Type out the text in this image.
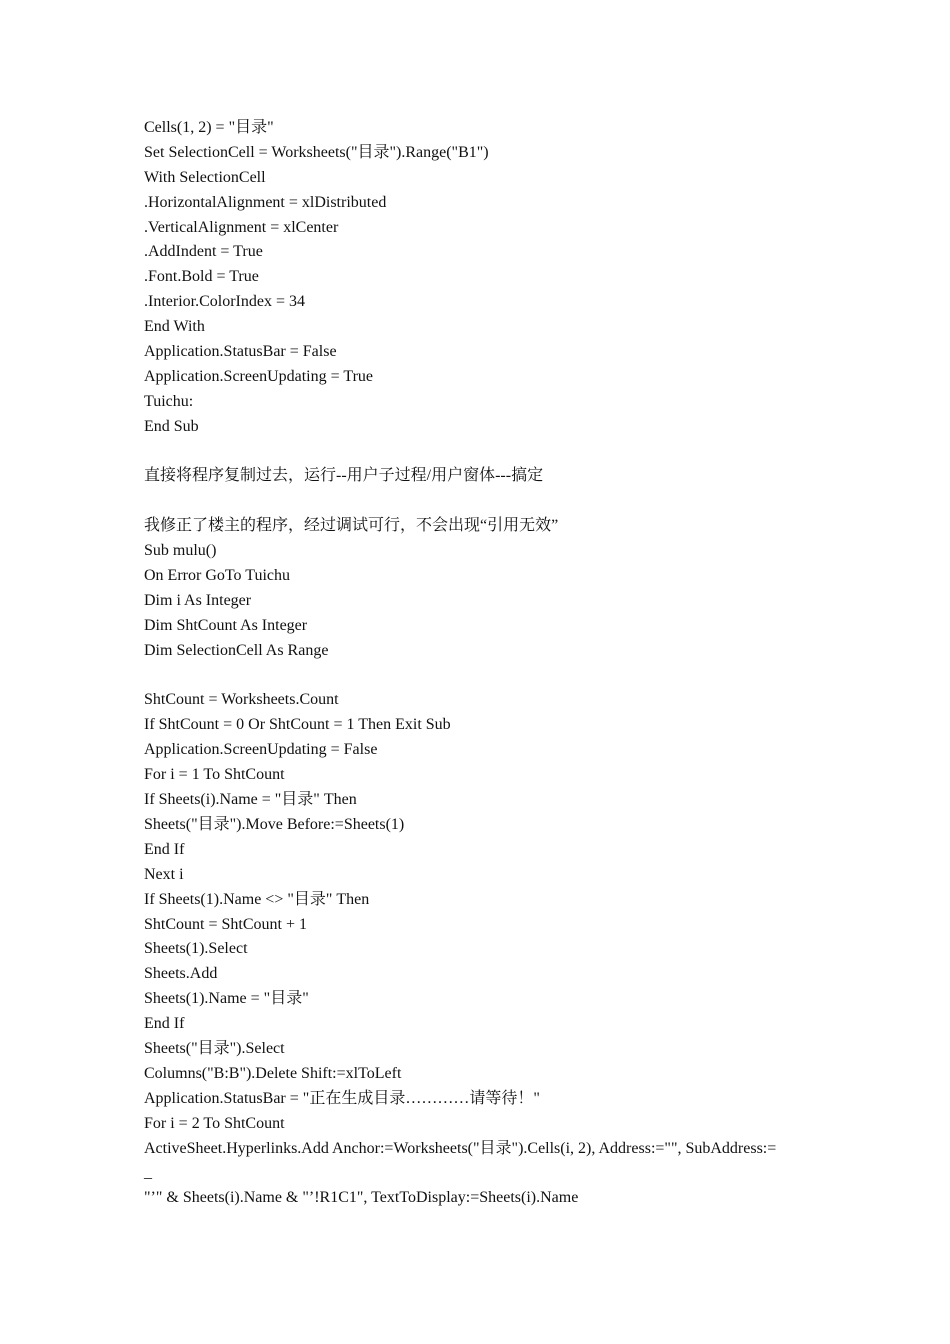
Cells(1, 2) = "目录"
Set SelectionCell = Worksheets("目录").Range("B1")
With SelectionCell
.HorizontalAlignment = xlDistributed
.VerticalAlignment = xlCenter
.AddIndent = True
.Font.Bold = True
.Interior.ColorIndex = 34
End With
Application.StatusBar = False
Application.ScreenUpdating = True
Tuichu:
End Sub
直接将程序复制过去，运行--用户子过程/用户窗体---搞定
我修正了楼主的程序，经过调试可行，不会出现“引用无效”
Sub mulu()
On Error GoTo Tuichu
Dim i As Integer
Dim ShtCount As Integer
Dim SelectionCell As Range
ShtCount = Worksheets.Count
If ShtCount = 0 Or ShtCount = 1 Then Exit Sub
Application.ScreenUpdating = False
For i = 1 To ShtCount
If Sheets(i).Name = "目录" Then
Sheets("目录").Move Before:=Sheets(1)
End If
Next i
If Sheets(1).Name <> "目录" Then
ShtCount = ShtCount + 1
Sheets(1).Select
Sheets.Add
Sheets(1).Name = "目录"
End If
Sheets("目录").Select
Columns("B:B").Delete Shift:=xlToLeft
Application.StatusBar = "正在生成目录…………请等待！"
For i = 2 To ShtCount
ActiveSheet.Hyperlinks.Add Anchor:=Worksheets("目录").Cells(i, 2), Address:="", SubAddress:=
_
"’" & Sheets(i).Name & "’!R1C1", TextToDisplay:=Sheets(i).Name
